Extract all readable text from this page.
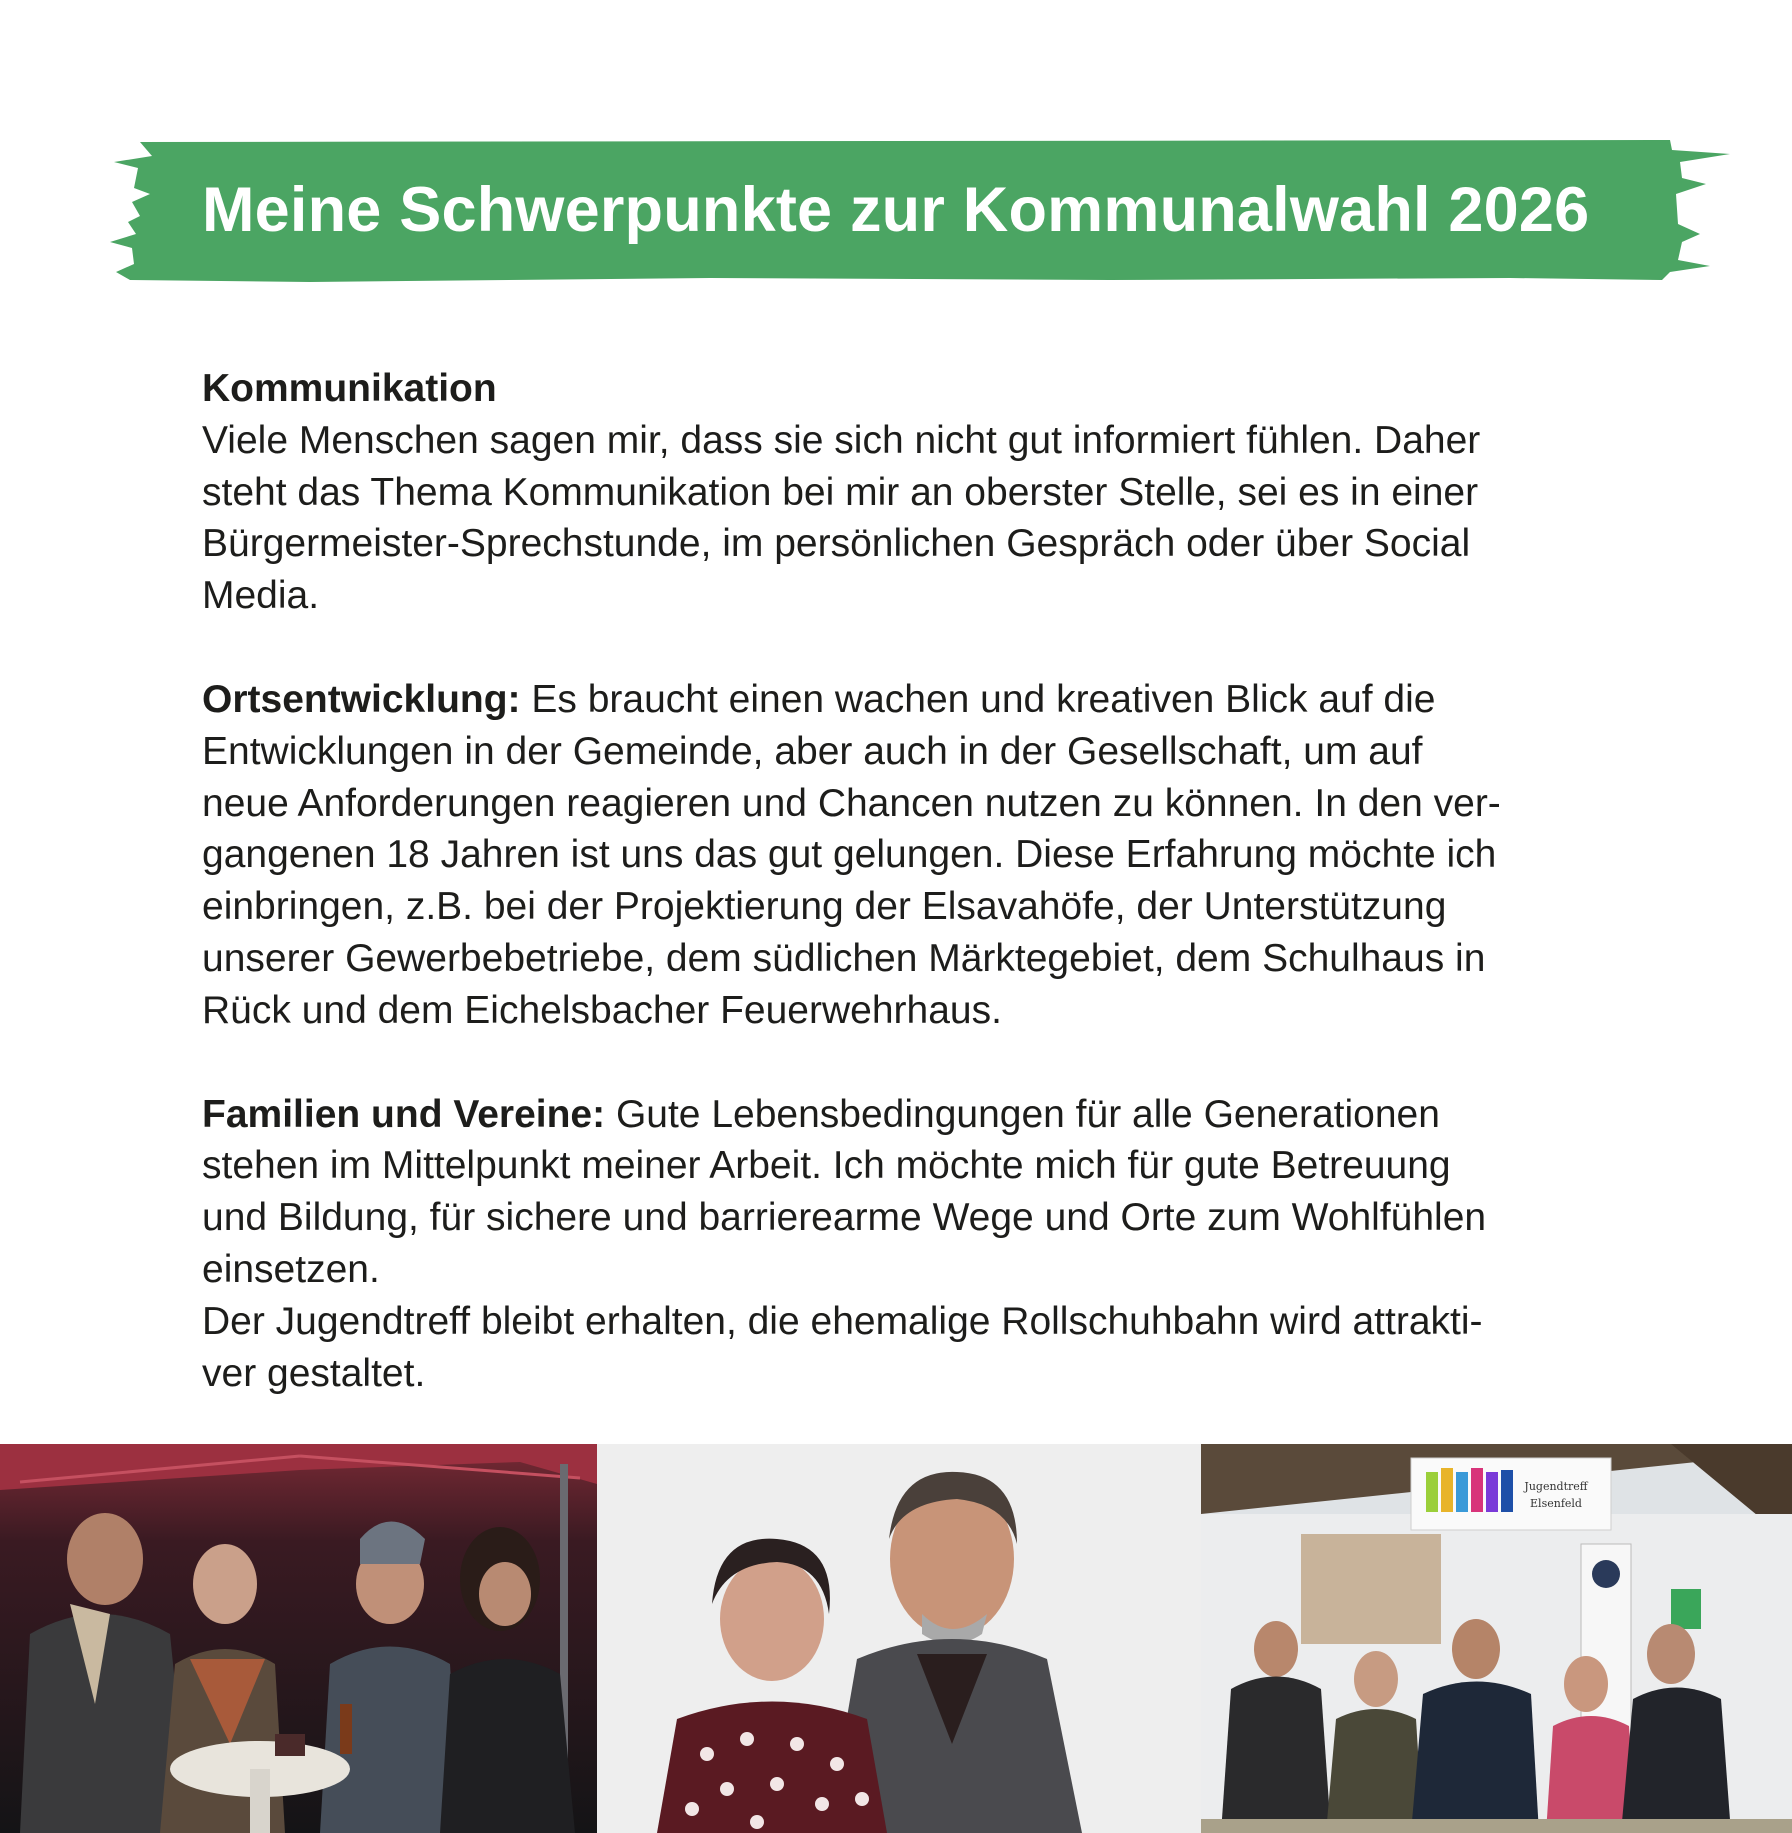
Meine Schwerpunkte zur Kommunalwahl 2026
Kommunikation
Viele Menschen sagen mir, dass sie sich nicht gut informiert fühlen. Daher
steht das Thema Kommunikation bei mir an oberster Stelle, sei es in einer
Bürgermeister-Sprechstunde, im persönlichen Gespräch oder über Social
Media.
Ortsentwicklung: Es braucht einen wachen und kreativen Blick auf die
Entwicklungen in der Gemeinde, aber auch in der Gesellschaft, um auf
neue Anforderungen reagieren und Chancen nutzen zu können. In den ver-
gangenen 18 Jahren ist uns das gut gelungen. Diese Erfahrung möchte ich
einbringen, z.B. bei der Projektierung der Elsavahöfe, der Unterstützung
unserer Gewerbebetriebe, dem südlichen Märktegebiet, dem Schulhaus in
Rück und dem Eichelsbacher Feuerwehrhaus.
Familien und Vereine: Gute Lebensbedingungen für alle Generationen
stehen im Mittelpunkt meiner Arbeit. Ich möchte mich für gute Betreuung
und Bildung, für sichere und barrierearme Wege und Orte zum Wohlfühlen
einsetzen.
Der Jugendtreff bleibt erhalten, die ehemalige Rollschuhbahn wird attrakti-
ver gestaltet.
Jugendtreff
Elsenfeld
